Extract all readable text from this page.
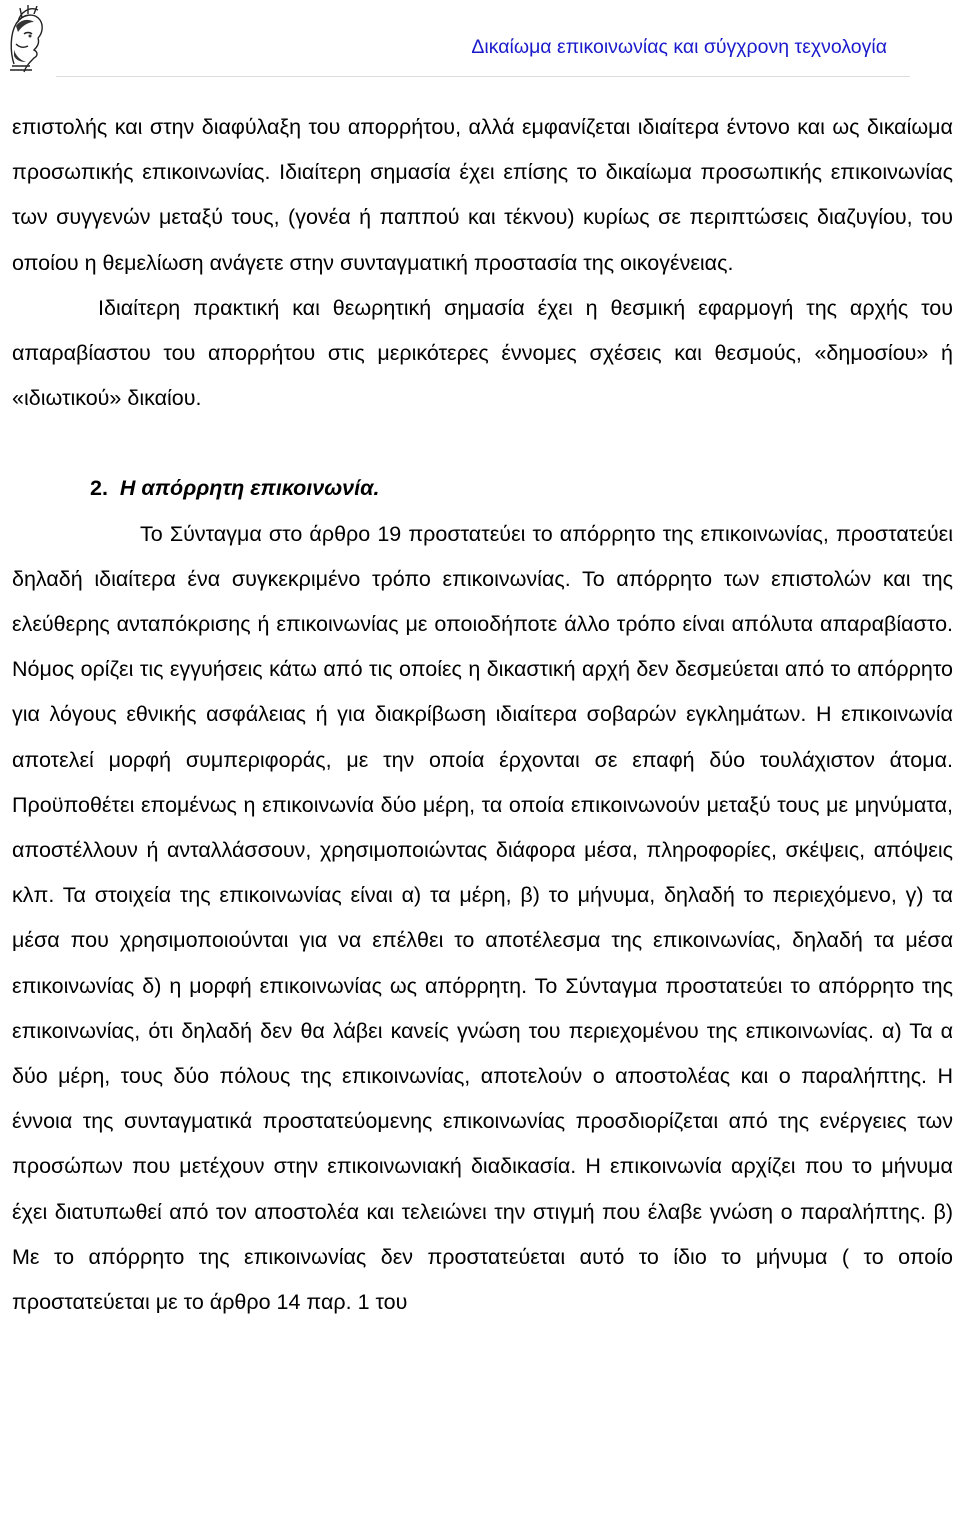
Δικαίωμα επικοινωνίας και σύγχρονη τεχνολογία

επιστολής και στην διαφύλαξη του απορρήτου, αλλά εμφανίζεται ιδιαίτερα έντονο και ως δικαίωμα προσωπικής επικοινωνίας. Ιδιαίτερη σημασία έχει επίσης το δικαίωμα προσωπικής επικοινωνίας των συγγενών μεταξύ τους, (γονέα ή παππού και τέκνου) κυρίως σε περιπτώσεις διαζυγίου, του οποίου η θεμελίωση ανάγετε στην συνταγματική προστασία της οικογένειας.

Ιδιαίτερη πρακτική και θεωρητική σημασία έχει η θεσμική εφαρμογή της αρχής του απαραβίαστου του απορρήτου στις μερικότερες έννομες σχέσεις και θεσμούς, «δημοσίου» ή «ιδιωτικού» δικαίου.

2. Η απόρρητη επικοινωνία.

Το Σύνταγμα στο άρθρο 19 προστατεύει το απόρρητο της επικοινωνίας, προστατεύει δηλαδή ιδιαίτερα ένα συγκεκριμένο τρόπο επικοινωνίας. Το απόρρητο των επιστολών και της ελεύθερης ανταπόκρισης ή επικοινωνίας με οποιοδήποτε άλλο τρόπο είναι απόλυτα απαραβίαστο. Νόμος ορίζει τις εγγυήσεις κάτω από τις οποίες η δικαστική αρχή δεν δεσμεύεται από το απόρρητο για λόγους εθνικής ασφάλειας ή για διακρίβωση ιδιαίτερα σοβαρών εγκλημάτων. Η επικοινωνία αποτελεί μορφή συμπεριφοράς, με την οποία έρχονται σε επαφή δύο τουλάχιστον άτομα. Προϋποθέτει επομένως η επικοινωνία δύο μέρη, τα οποία επικοινωνούν μεταξύ τους με μηνύματα, αποστέλλουν ή ανταλλάσσουν, χρησιμοποιώντας διάφορα μέσα, πληροφορίες, σκέψεις, απόψεις κλπ. Τα στοιχεία της επικοινωνίας είναι α) τα μέρη, β) το μήνυμα, δηλαδή το περιεχόμενο, γ) τα μέσα που χρησιμοποιούνται για να επέλθει το αποτέλεσμα της επικοινωνίας, δηλαδή τα μέσα επικοινωνίας δ) η μορφή επικοινωνίας ως απόρρητη. Το Σύνταγμα προστατεύει το απόρρητο της επικοινωνίας, ότι δηλαδή δεν θα λάβει κανείς γνώση του περιεχομένου της επικοινωνίας. α) Τα α δύο μέρη, τους δύο πόλους της επικοινωνίας, αποτελούν ο αποστολέας και ο παραλήπτης. Η έννοια της συνταγματικά προστατεύομενης επικοινωνίας προσδιορίζεται από της ενέργειες των προσώπων που μετέχουν στην επικοινωνιακή διαδικασία. Η επικοινωνία αρχίζει που το μήνυμα έχει διατυπωθεί από τον αποστολέα και τελειώνει την στιγμή που έλαβε γνώση ο παραλήπτης. β) Με το απόρρητο της επικοινωνίας δεν προστατεύεται αυτό το ίδιο το μήνυμα ( το οποίο προστατεύεται με το άρθρο 14 παρ. 1 του
